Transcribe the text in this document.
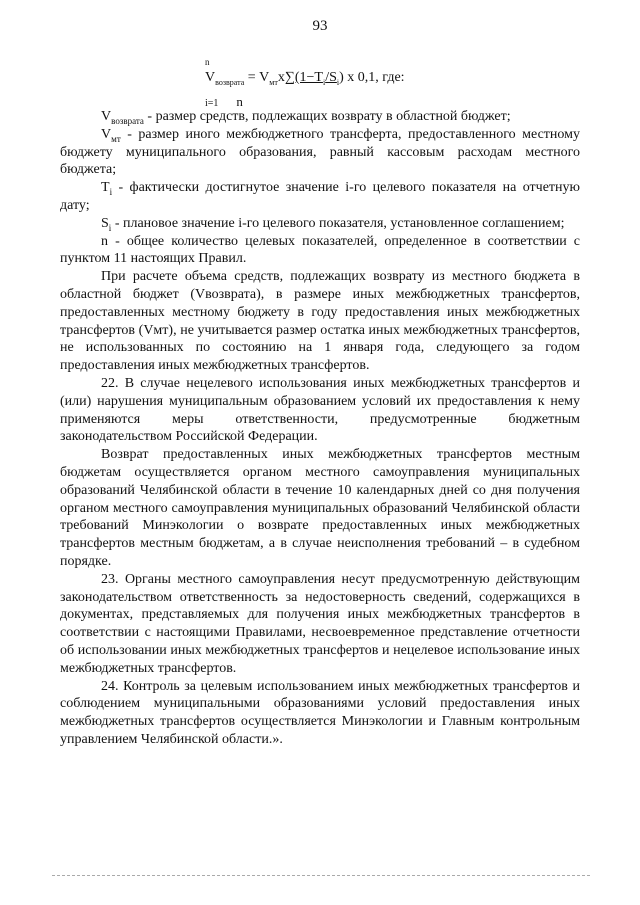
93
n
$V_{возврата} = V_{мт}x\sum(1-T_i/S_i)$ x 0,1, где:
i=1 n

$V_{возврата}$ - размер средств, подлежащих возврату в областной бюджет;

$V_{мт}$ - размер иного межбюджетного трансферта, предоставленного местному бюджету муниципального образования, равный кассовым расходам местного бюджета;

$T_i$ - фактически достигнутое значение i-го целевого показателя на отчетную дату;

$S_i$ - плановое значение i-го целевого показателя, установленное соглашением;

n - общее количество целевых показателей, определенное в соответствии с пунктом 11 настоящих Правил.

При расчете объема средств, подлежащих возврату из местного бюджета в областной бюджет (Vвозврата), в размере иных межбюджетных трансфертов, предоставленных местному бюджету в году предоставления иных межбюджетных трансфертов (Vмт), не учитывается размер остатка иных межбюджетных трансфертов, не использованных по состоянию на 1 января года, следующего за годом предоставления иных межбюджетных трансфертов.

22. В случае нецелевого использования иных межбюджетных трансфертов и (или) нарушения муниципальным образованием условий их предоставления к нему применяются меры ответственности, предусмотренные бюджетным законодательством Российской Федерации.

Возврат предоставленных иных межбюджетных трансфертов местным бюджетам осуществляется органом местного самоуправления муниципальных образований Челябинской области в течение 10 календарных дней со дня получения органом местного самоуправления муниципальных образований Челябинской области требований Минэкологии о возврате предоставленных иных межбюджетных трансфертов местным бюджетам, а в случае неисполнения требований – в судебном порядке.

23. Органы местного самоуправления несут предусмотренную действующим законодательством ответственность за недостоверность сведений, содержащихся в документах, представляемых для получения иных межбюджетных трансфертов в соответствии с настоящими Правилами, несвоевременное представление отчетности об использовании иных межбюджетных трансфертов и нецелевое использование иных межбюджетных трансфертов.

24. Контроль за целевым использованием иных межбюджетных трансфертов и соблюдением муниципальными образованиями условий предоставления иных межбюджетных трансфертов осуществляется Минэкологии и Главным контрольным управлением Челябинской области.».
